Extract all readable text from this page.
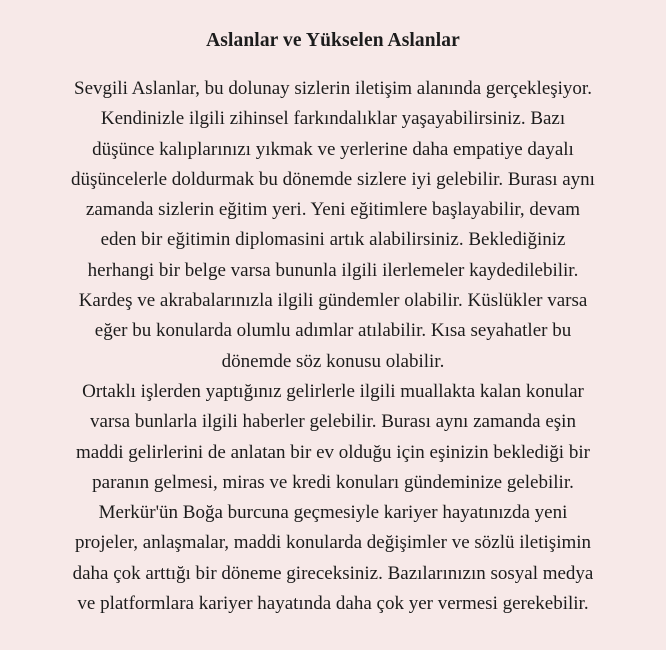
Aslanlar ve Yükselen Aslanlar
Sevgili Aslanlar, bu dolunay sizlerin iletişim alanında gerçekleşiyor.
Kendinizle ilgili zihinsel farkındalıklar yaşayabilirsiniz. Bazı
düşünce kalıplarınızı yıkmak ve yerlerine daha empatiye dayalı
düşüncelerle doldurmak bu dönemde sizlere iyi gelebilir. Burası aynı
zamanda sizlerin eğitim yeri. Yeni eğitimlere başlayabilir, devam
eden bir eğitimin diplomasini artık alabilirsiniz. Beklediğiniz
herhangi bir belge varsa bununla ilgili ilerlemeler kaydedilebilir.
Kardeş ve akrabalarınızla ilgili gündemler olabilir. Küslükler varsa
eğer bu konularda olumlu adımlar atılabilir. Kısa seyahatler bu
dönemde söz konusu olabilir.
Ortaklı işlerden yaptığınız gelirlerle ilgili muallakta kalan konular
varsa bunlarla ilgili haberler gelebilir. Burası aynı zamanda eşin
maddi gelirlerini de anlatan bir ev olduğu için eşinizin beklediği bir
paranın gelmesi, miras ve kredi konuları gündeminize gelebilir.
Merkür'ün Boğa burcuna geçmesiyle kariyer hayatınızda yeni
projeler, anlaşmalar, maddi konularda değişimler ve sözlü iletişimin
daha çok arttığı bir döneme gireceksiniz. Bazılarınızın sosyal medya
ve platformlara kariyer hayatında daha çok yer vermesi gerekebilir.
